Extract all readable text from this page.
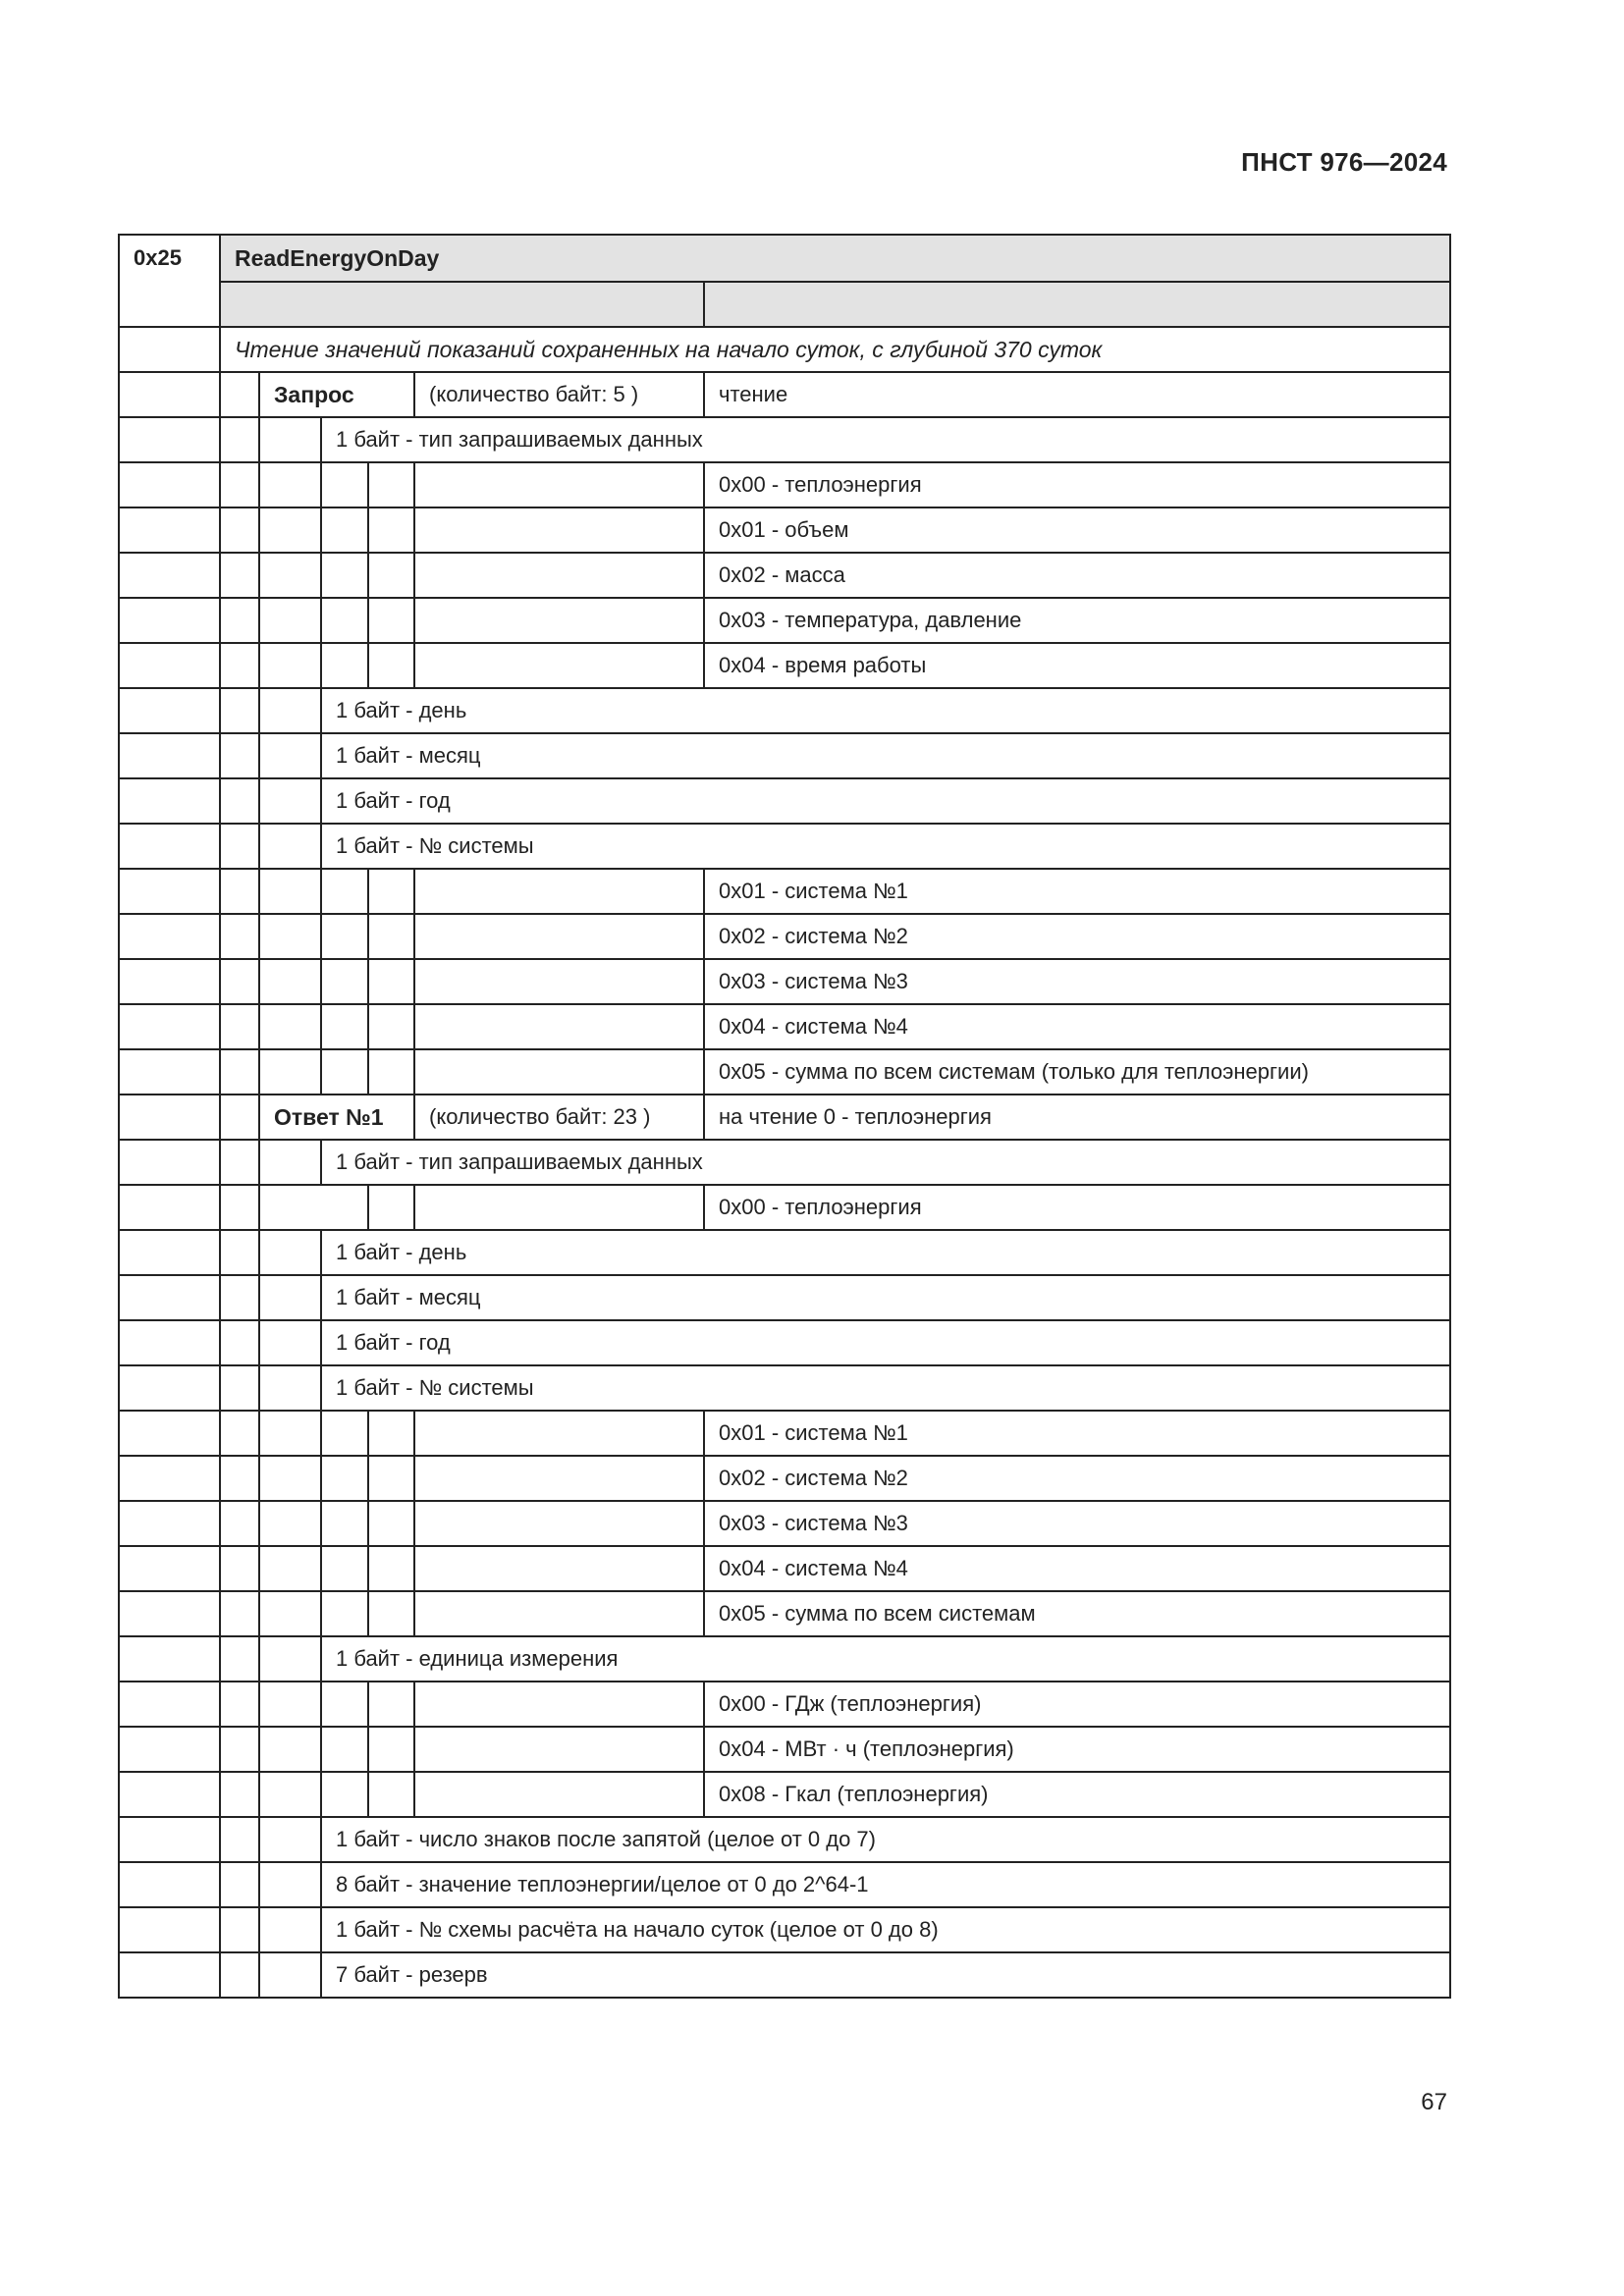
ПНСТ 976—2024
0x25	ReadEnergyOnDay					

	Чтение значений показаний сохраненных на начало суток, с глубиной 370 суток					
		Запрос			(количество байт: 5 )	чтение
			1 байт - тип запрашиваемых данных			
						0x00 - теплоэнергия
						0x01 - объем
						0x02 - масса
						0x03 - температура, давление
						0x04 - время работы
			1 байт - день			
			1 байт - месяц			
			1 байт - год			
			1 байт - № системы			
						0x01 - система №1
						0x02 - система №2
						0x03 - система №3
						0x04 - система №4
						0x05 - сумма по всем системам (только для теплоэнергии)
		Ответ №1			(количество байт: 23 )	на чтение 0 - теплоэнергия
			1 байт - тип запрашиваемых данных			
						0x00 - теплоэнергия
			1 байт - день			
			1 байт - месяц			
			1 байт - год			
			1 байт - № системы			
						0x01 - система №1
						0x02 - система №2
						0x03 - система №3
						0x04 - система №4
						0x05 - сумма по всем системам
			1 байт - единица измерения			
						0x00 - ГДж (теплоэнергия)
						0x04 - МВт · ч (теплоэнергия)
						0x08 - Гкал (теплоэнергия)
			1 байт - число знаков после запятой (целое от 0 до 7)			
			8 байт - значение теплоэнергии/целое от 0 до 2^64-1			
			1 байт - № схемы расчёта на начало суток (целое от 0 до 8)			
			7 байт - резерв			
67
